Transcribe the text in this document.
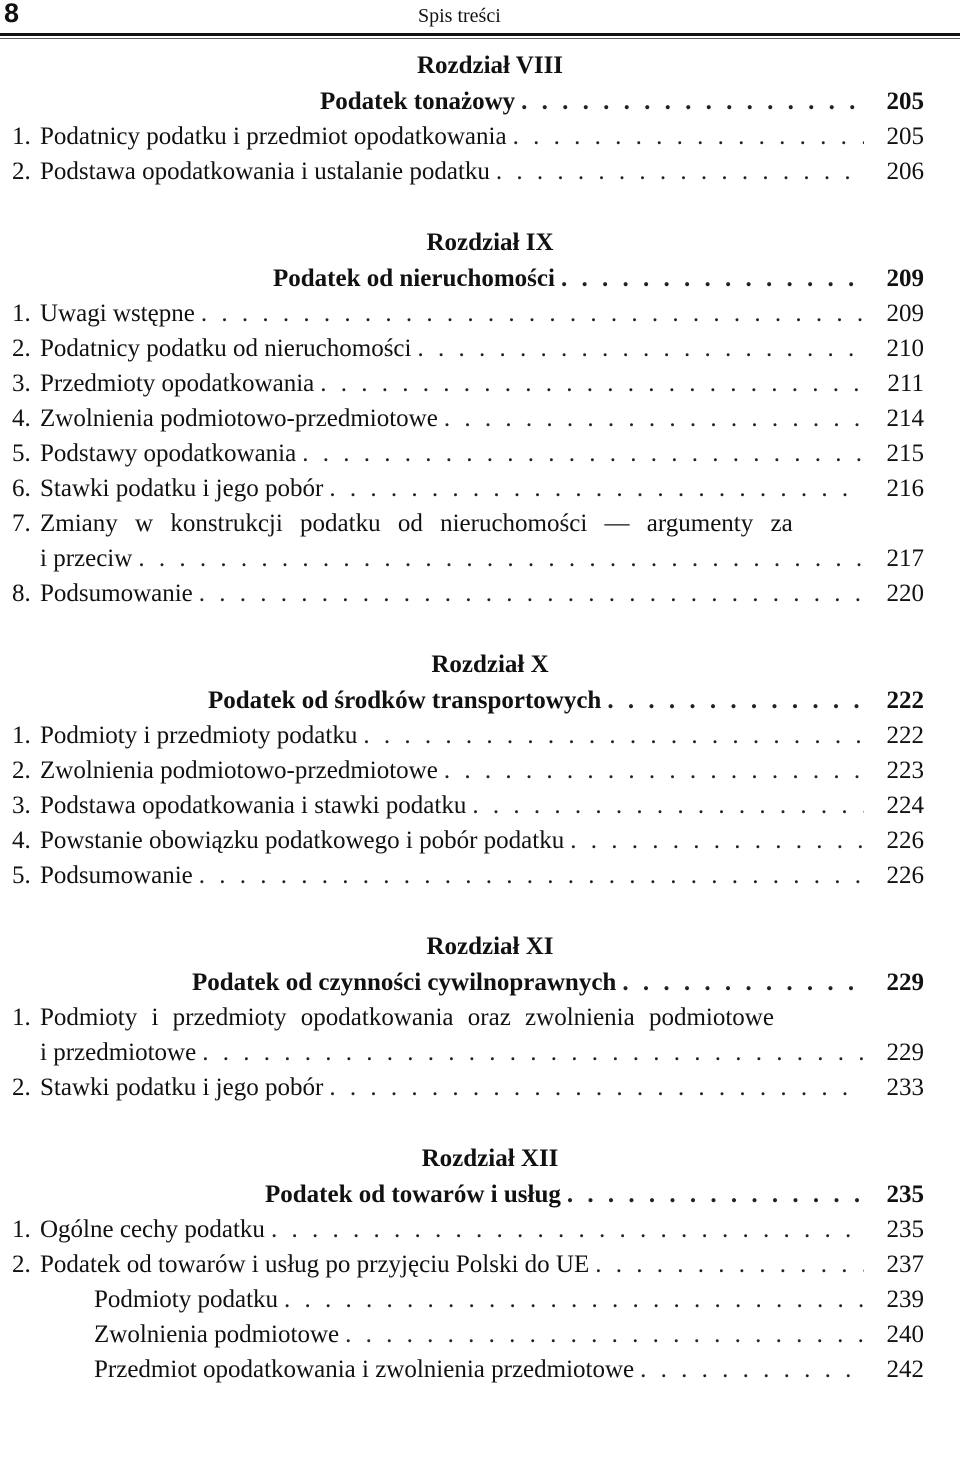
8	Spis treści
Rozdział VIII
Podatek tonażowy . . .	205
1. Podatnicy podatku i przedmiot opodatkowania . . .	205
2. Podstawa opodatkowania i ustalanie podatku . . .	206
Rozdział IX
Podatek od nieruchomości . . .	209
1. Uwagi wstępne . . .	209
2. Podatnicy podatku od nieruchomości . . .	210
3. Przedmioty opodatkowania . . .	211
4. Zwolnienia podmiotowo-przedmiotowe . . .	214
5. Podstawy opodatkowania . . .	215
6. Stawki podatku i jego pobór . . .	216
7. Zmiany w konstrukcji podatku od nieruchomości — argumenty za
i przeciw . . .	217
8. Podsumowanie . . .	220
Rozdział X
Podatek od środków transportowych . . .	222
1. Podmioty i przedmioty podatku . . .	222
2. Zwolnienia podmiotowo-przedmiotowe . . .	223
3. Podstawa opodatkowania i stawki podatku . . .	224
4. Powstanie obowiązku podatkowego i pobór podatku . . .	226
5. Podsumowanie . . .	226
Rozdział XI
Podatek od czynności cywilnoprawnych . . .	229
1. Podmioty i przedmioty opodatkowania oraz zwolnienia podmiotowe
i przedmiotowe . . .	229
2. Stawki podatku i jego pobór . . .	233
Rozdział XII
Podatek od towarów i usług . . .	235
1. Ogólne cechy podatku . . .	235
2. Podatek od towarów i usług po przyjęciu Polski do UE . . .	237
Podmioty podatku . . .	239
Zwolnienia podmiotowe . . .	240
Przedmiot opodatkowania i zwolnienia przedmiotowe . . .	242
